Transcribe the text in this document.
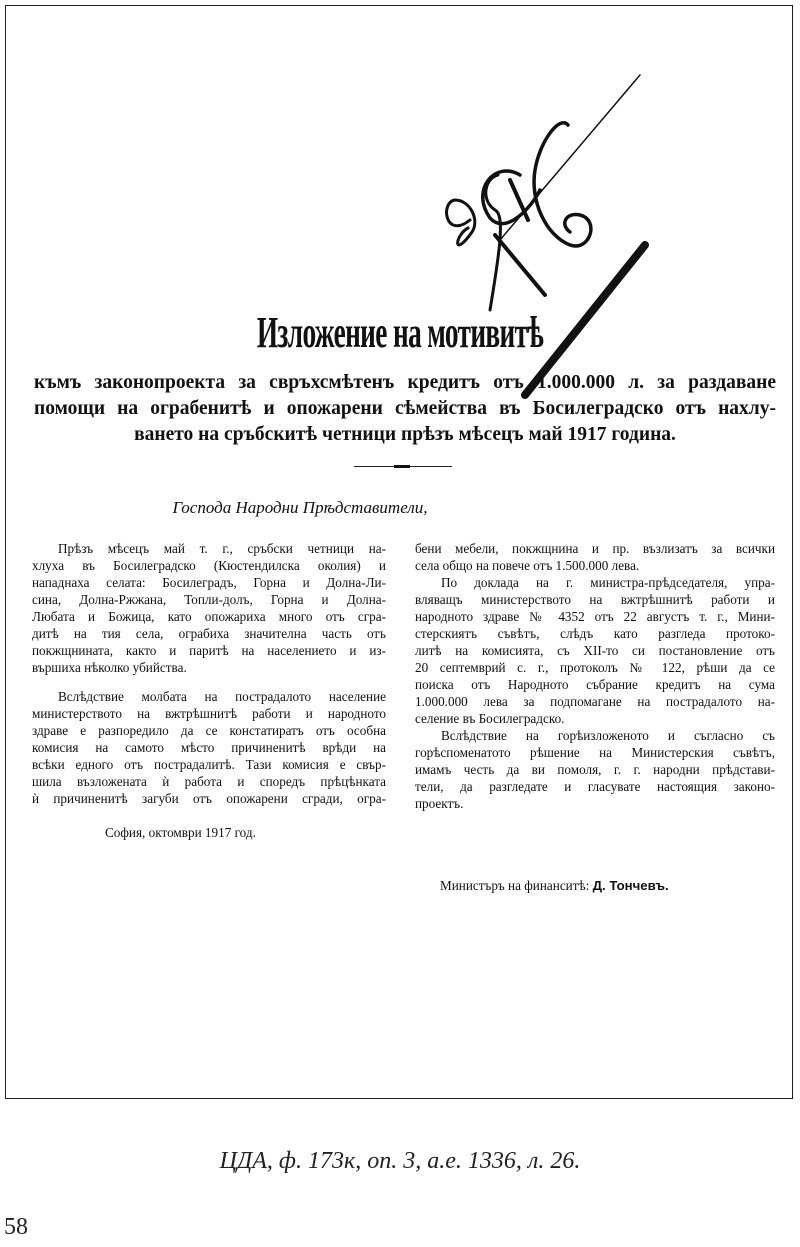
Изложение на мотивитѣ
къмъ законопроекта за свръхсмѣтенъ кредитъ отъ 1.000.000 л. за раздаване
помощи на ограбенитѣ и опожарени сѣмейства въ Босилеградско отъ нахлу-
ването на сръбскитѣ четници прѣзъ мѣсецъ май 1917 година.
Господа Народни Прѣдставители,
Прѣзъ мѣсецъ май т. г., сръбски четници на-
хлуха въ Босилеградско (Кюстендилска околия) и
нападнаха селата: Босилеградъ, Горна и Долна-Ли-
сина, Долна-Ржжана, Топли-долъ, Горна и Долна-
Любата и Божица, като опожариха много отъ сгра-
дитѣ на тия села, ограбиха значителна часть отъ
покжщнината, както и паритѣ на населението и из-
вършиха нѣколко убийства.
Вслѣдствие молбата на пострадалото население
министерството на вжтрѣшнитѣ работи и народното
здраве е разпоредило да се констатиратъ отъ особна
комисия на самото мѣсто причиненитѣ врѣди на
всѣки едного отъ пострадалитѣ. Тази комисия е свър-
шила възложената ѝ работа и споредъ прѣцѣнката
ѝ причиненитѣ загуби отъ опожарени сгради, огра-
София, октомври 1917 год.
бени мебели, покжщнина и пр. възлизатъ за всички
села общо на повече отъ 1.500.000 лева.
По доклада на г. министра-прѣдседателя, упра-
вляващъ министерството на вжтрѣшнитѣ работи и
народното здраве № 4352 отъ 22 августъ т. г., Мини-
стерскиятъ съвѣтъ, слѣдъ като разгледа протоко-
литѣ на комисията, съ XII-то си постановление отъ
20 септемврий с. г., протоколъ № 122, рѣши да се
поиска отъ Народното събрание кредитъ на сума
1.000.000 лева за подпомагане на пострадалото на-
селение въ Босилеградско.
Вслѣдствие на горѣизложеното и съгласно съ
горѣспоменатото рѣшение на Министерския съвѣтъ,
имамъ честь да ви помоля, г. г. народни прѣдстави-
тели, да разгледате и гласувате настоящия законо-
проектъ.
Министъръ на финанситѣ: Д. Тончевъ.
ЦДА, ф. 173к, оп. 3, а.е. 1336, л. 26.
58
